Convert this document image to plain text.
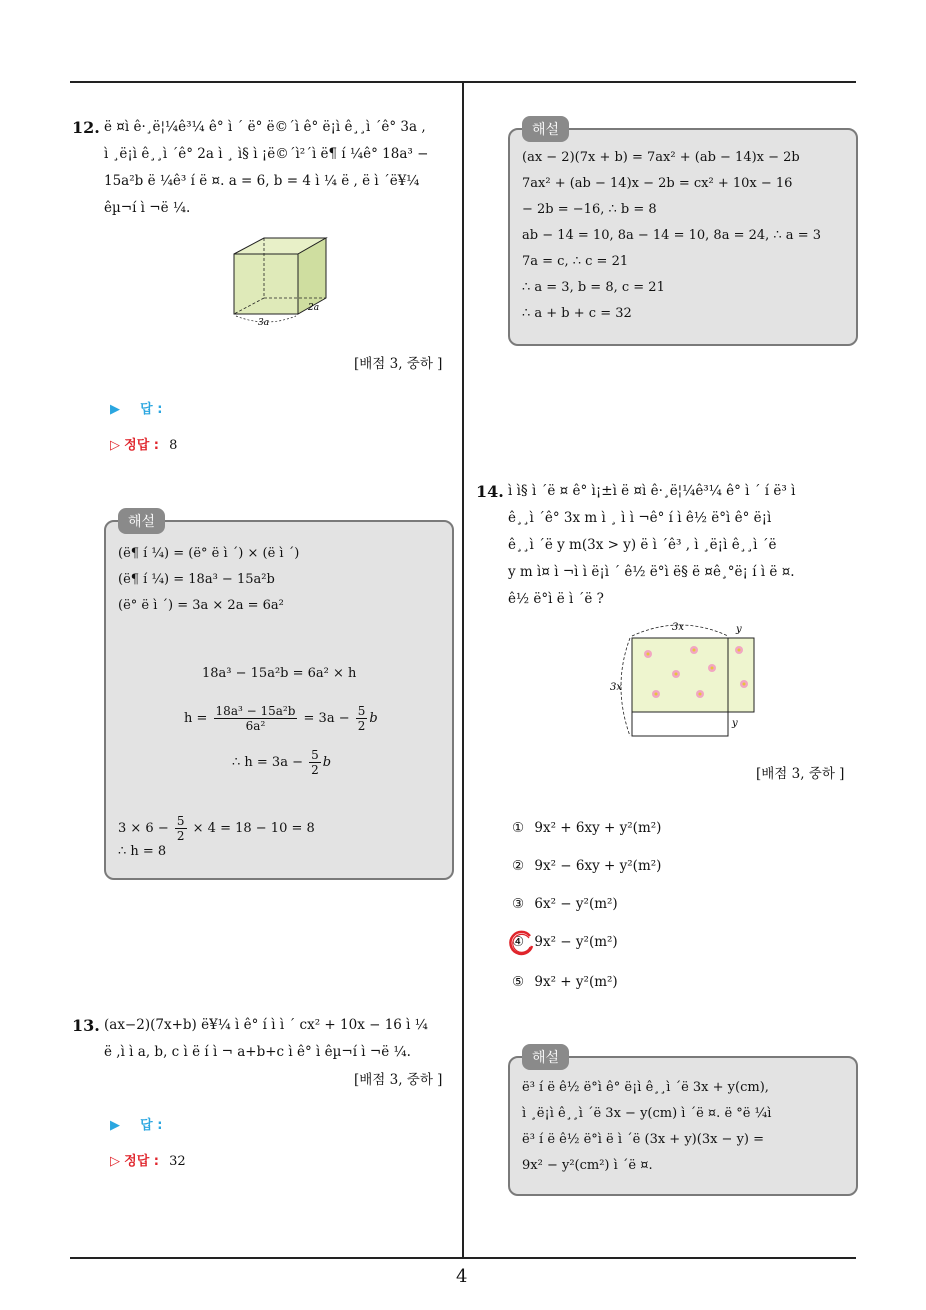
4
12. ë ¤ì ê·¸ë¦¼ê³¼ ê° ì ´ ë° ë©´ì ê° ë¡ì ê¸¸ì ´ê° 3a ,
ì ¸ë¡ì ê¸¸ì ´ê° 2a ì ¸ ì§ ì ¡ë©´ì²´ì ë¶ í ¼ê° 18a³ −
15a²b ë ¼ê³ í ë ¤. a = 6, b = 4 ì ¼ ë , ë ì ´ë¥¼
êµ¬í ì ¬ë ¼.
3a
2a
[배점 3, 중하 ]
▶ 답 :
▷ 정답 : 8
(ë¶ í ¼) = (ë° ë ì ´) × (ë ì ´)
(ë¶ í ¼) = 18a³ − 15a²b
(ë° ë ì ´) = 3a × 2a = 6a²
18a³ − 15a²b = 6a² × h
$h = \frac{\text{18a³ − 15a²b}}{\text{6a²}} = 3a - \frac{5}{2}$ b
∴ $h = 3a - \frac{5}{2}$ b
$3 \times 6 - \frac{5}{2} \times 4 = 18 - 10 = 8$
∴ h = 8
해설
13. (ax−2)(7x+b) ë¥¼ ì ê° í ì ì ´ cx² + 10x − 16 ì ¼
ë ,ì ì a, b, c ì ë í ì ¬ a+b+c ì ê° ì êµ¬í ì ¬ë ¼.
[배점 3, 중하 ]
▶ 답 :
▷ 정답 : 32
(ax − 2)(7x + b) = 7ax² + (ab − 14)x − 2b
7ax² + (ab − 14)x − 2b = cx² + 10x − 16
− 2b = −16, ∴ b = 8
ab − 14 = 10, 8a − 14 = 10, 8a = 24, ∴ a = 3
7a = c, ∴ c = 21
∴ a = 3, b = 8, c = 21
∴ a + b + c = 32
해설
14. ì ì§ ì ´ë ¤ ê° ì¡±ì ë ¤ì ê·¸ë¦¼ê³¼ ê° ì ´ í ë³ ì
ê¸¸ì ´ê° 3x m ì ¸ ì ì ¬ê° í ì ê½ ë°ì ê° ë¡ì
ê¸¸ì ´ë y m(3x > y) ë ì ´ê³ , ì ¸ë¡ì ê¸¸ì ´ë
y m ì¤ ì ¬ì ì ë¡ì ´ ê½ ë°ì ë§ ë ¤ê¸°ë¡ í ì ë ¤.
ê½ ë°ì ë ì ´ë ?
3x
3x
y
y
[배점 3, 중하 ]
① 9x² + 6xy + y²(m²)
② 9x² − 6xy + y²(m²)
③ 6x² − y²(m²)
④ 9x² − y²(m²)
⑤ 9x² + y²(m²)
ë³ í ë ê½ ë°ì ê° ë¡ì ê¸¸ì ´ë 3x + y(cm),
ì ¸ë¡ì ê¸¸ì ´ë 3x − y(cm) ì ´ë ¤. ë °ë ¼ì
ë³ í ë ê½ ë°ì ë ì ´ë (3x + y)(3x − y) =
9x² − y²(cm²) ì ´ë ¤.
해설
